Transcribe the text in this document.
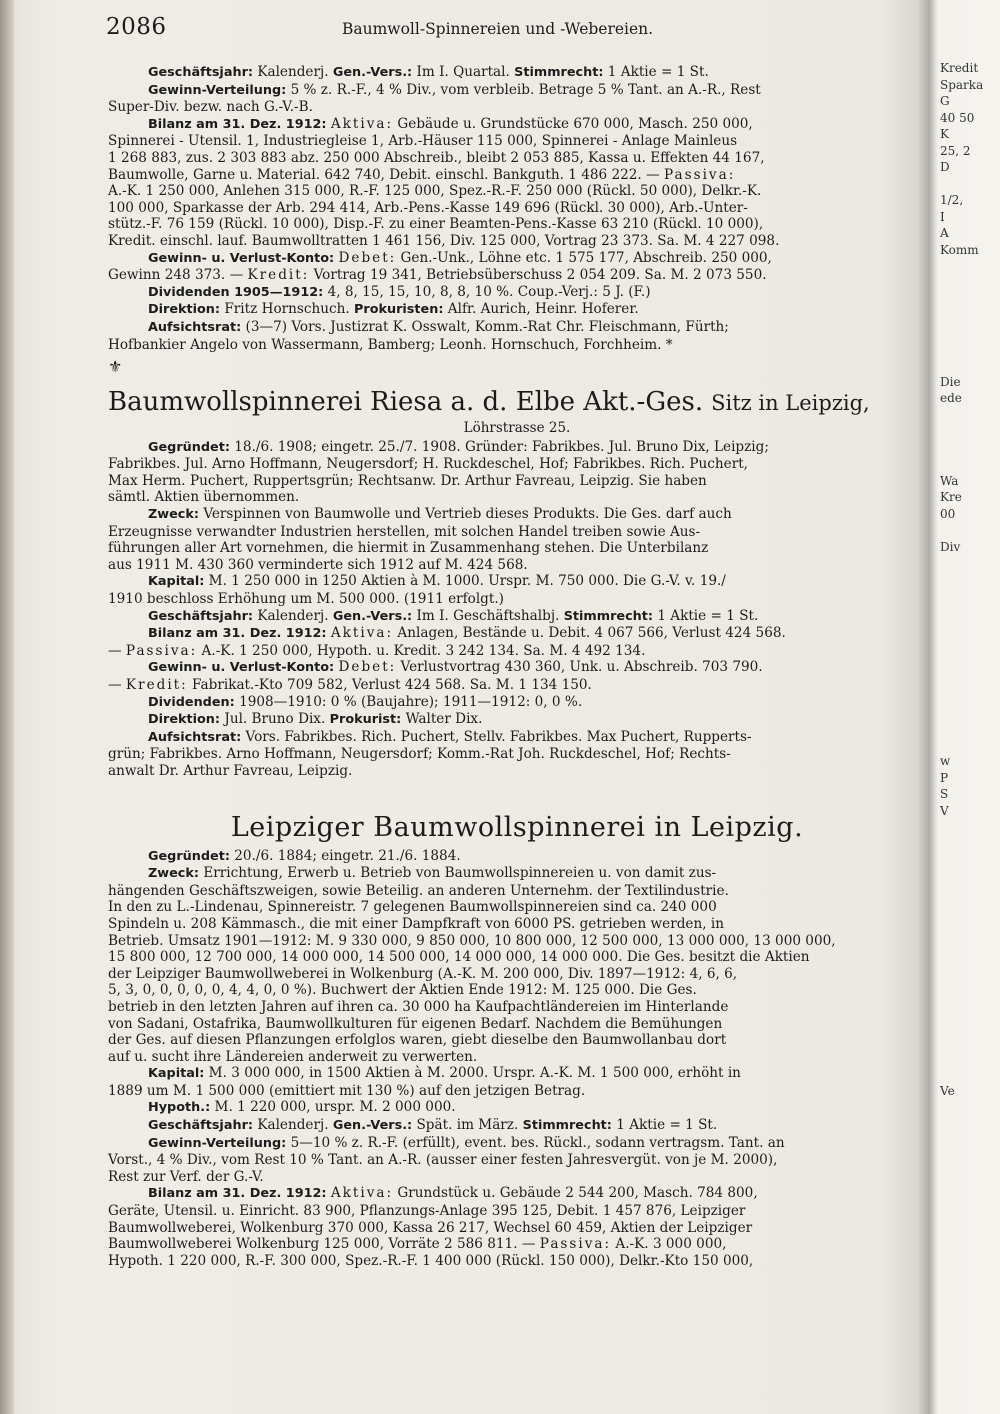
2086	Baumwoll-Spinnereien und -Webereien.
Geschäftsjahr: Kalenderj. Gen.-Vers.: Im I. Quartal. Stimmrecht: 1 Aktie = 1 St.
Gewinn-Verteilung: 5 % z. R.-F., 4 % Div., vom verbleib. Betrage 5 % Tant. an A.-R., Rest
Super-Div. bezw. nach G.-V.-B.
Bilanz am 31. Dez. 1912: Aktiva: Gebäude u. Grundstücke 670 000, Masch. 250 000,
Spinnerei - Utensil. 1, Industriegleise 1, Arb.-Häuser 115 000, Spinnerei - Anlage Mainleus
1 268 883, zus. 2 303 883 abz. 250 000 Abschreib., bleibt 2 053 885, Kassa u. Effekten 44 167,
Baumwolle, Garne u. Material. 642 740, Debit. einschl. Bankguth. 1 486 222. — Passiva:
A.-K. 1 250 000, Anlehen 315 000, R.-F. 125 000, Spez.-R.-F. 250 000 (Rückl. 50 000), Delkr.-K.
100 000, Sparkasse der Arb. 294 414, Arb.-Pens.-Kasse 149 696 (Rückl. 30 000), Arb.-Unter-
stütz.-F. 76 159 (Rückl. 10 000), Disp.-F. zu einer Beamten-Pens.-Kasse 63 210 (Rückl. 10 000),
Kredit. einschl. lauf. Baumwolltratten 1 461 156, Div. 125 000, Vortrag 23 373. Sa. M. 4 227 098.
Gewinn- u. Verlust-Konto: Debet: Gen.-Unk., Löhne etc. 1 575 177, Abschreib. 250 000,
Gewinn 248 373. — Kredit: Vortrag 19 341, Betriebsüberschuss 2 054 209. Sa. M. 2 073 550.
Dividenden 1905—1912: 4, 8, 15, 15, 10, 8, 8, 10 %. Coup.-Verj.: 5 J. (F.)
Direktion: Fritz Hornschuch. Prokuristen: Alfr. Aurich, Heinr. Hoferer.
Aufsichtsrat: (3—7) Vors. Justizrat K. Osswalt, Komm.-Rat Chr. Fleischmann, Fürth;
Hofbankier Angelo von Wassermann, Bamberg; Leonh. Hornschuch, Forchheim. *
⚜
Baumwollspinnerei Riesa a. d. Elbe Akt.-Ges. Sitz in Leipzig,
Löhrstrasse 25.
Gegründet: 18./6. 1908; eingetr. 25./7. 1908. Gründer: Fabrikbes. Jul. Bruno Dix, Leipzig;
Fabrikbes. Jul. Arno Hoffmann, Neugersdorf; H. Ruckdeschel, Hof; Fabrikbes. Rich. Puchert,
Max Herm. Puchert, Ruppertsgrün; Rechtsanw. Dr. Arthur Favreau, Leipzig. Sie haben
sämtl. Aktien übernommen.
Zweck: Verspinnen von Baumwolle und Vertrieb dieses Produkts. Die Ges. darf auch
Erzeugnisse verwandter Industrien herstellen, mit solchen Handel treiben sowie Aus-
führungen aller Art vornehmen, die hiermit in Zusammenhang stehen. Die Unterbilanz
aus 1911 M. 430 360 verminderte sich 1912 auf M. 424 568.
Kapital: M. 1 250 000 in 1250 Aktien à M. 1000. Urspr. M. 750 000. Die G.-V. v. 19./
1910 beschloss Erhöhung um M. 500 000. (1911 erfolgt.)
Geschäftsjahr: Kalenderj. Gen.-Vers.: Im I. Geschäftshalbj. Stimmrecht: 1 Aktie = 1 St.
Bilanz am 31. Dez. 1912: Aktiva: Anlagen, Bestände u. Debit. 4 067 566, Verlust 424 568.
— Passiva: A.-K. 1 250 000, Hypoth. u. Kredit. 3 242 134. Sa. M. 4 492 134.
Gewinn- u. Verlust-Konto: Debet: Verlustvortrag 430 360, Unk. u. Abschreib. 703 790.
— Kredit: Fabrikat.-Kto 709 582, Verlust 424 568. Sa. M. 1 134 150.
Dividenden: 1908—1910: 0 % (Baujahre); 1911—1912: 0, 0 %.
Direktion: Jul. Bruno Dix. Prokurist: Walter Dix.
Aufsichtsrat: Vors. Fabrikbes. Rich. Puchert, Stellv. Fabrikbes. Max Puchert, Rupperts-
grün; Fabrikbes. Arno Hoffmann, Neugersdorf; Komm.-Rat Joh. Ruckdeschel, Hof; Rechts-
anwalt Dr. Arthur Favreau, Leipzig.
Leipziger Baumwollspinnerei in Leipzig.
Gegründet: 20./6. 1884; eingetr. 21./6. 1884.
Zweck: Errichtung, Erwerb u. Betrieb von Baumwollspinnereien u. von damit zus-
hängenden Geschäftszweigen, sowie Beteilig. an anderen Unternehm. der Textilindustrie.
In den zu L.-Lindenau, Spinnereistr. 7 gelegenen Baumwollspinnereien sind ca. 240 000
Spindeln u. 208 Kämmasch., die mit einer Dampfkraft von 6000 PS. getrieben werden, in
Betrieb. Umsatz 1901—1912: M. 9 330 000, 9 850 000, 10 800 000, 12 500 000, 13 000 000, 13 000 000,
15 800 000, 12 700 000, 14 000 000, 14 500 000, 14 000 000, 14 000 000. Die Ges. besitzt die Aktien
der Leipziger Baumwollweberei in Wolkenburg (A.-K. M. 200 000, Div. 1897—1912: 4, 6, 6,
5, 3, 0, 0, 0, 0, 0, 4, 4, 0, 0 %). Buchwert der Aktien Ende 1912: M. 125 000. Die Ges.
betrieb in den letzten Jahren auf ihren ca. 30 000 ha Kaufpachtländereien im Hinterlande
von Sadani, Ostafrika, Baumwollkulturen für eigenen Bedarf. Nachdem die Bemühungen
der Ges. auf diesen Pflanzungen erfolglos waren, giebt dieselbe den Baumwollanbau dort
auf u. sucht ihre Ländereien anderweit zu verwerten.
Kapital: M. 3 000 000, in 1500 Aktien à M. 2000. Urspr. A.-K. M. 1 500 000, erhöht in
1889 um M. 1 500 000 (emittiert mit 130 %) auf den jetzigen Betrag.
Hypoth.: M. 1 220 000, urspr. M. 2 000 000.
Geschäftsjahr: Kalenderj. Gen.-Vers.: Spät. im März. Stimmrecht: 1 Aktie = 1 St.
Gewinn-Verteilung: 5—10 % z. R.-F. (erfüllt), event. bes. Rückl., sodann vertragsm. Tant. an
Vorst., 4 % Div., vom Rest 10 % Tant. an A.-R. (ausser einer festen Jahresvergüt. von je M. 2000),
Rest zur Verf. der G.-V.
Bilanz am 31. Dez. 1912: Aktiva: Grundstück u. Gebäude 2 544 200, Masch. 784 800,
Geräte, Utensil. u. Einricht. 83 900, Pflanzungs-Anlage 395 125, Debit. 1 457 876, Leipziger
Baumwollweberei, Wolkenburg 370 000, Kassa 26 217, Wechsel 60 459, Aktien der Leipziger
Baumwollweberei Wolkenburg 125 000, Vorräte 2 586 811. — Passiva: A.-K. 3 000 000,
Hypoth. 1 220 000, R.-F. 300 000, Spez.-R.-F. 1 400 000 (Rückl. 150 000), Delkr.-Kto 150 000,
Kredit
Sparka
G
40 50
K
25, 2
D

1/2,
I
A
Komm

Die
ede

Wa
Kre
00

Div

w
P
S
V

Ve
